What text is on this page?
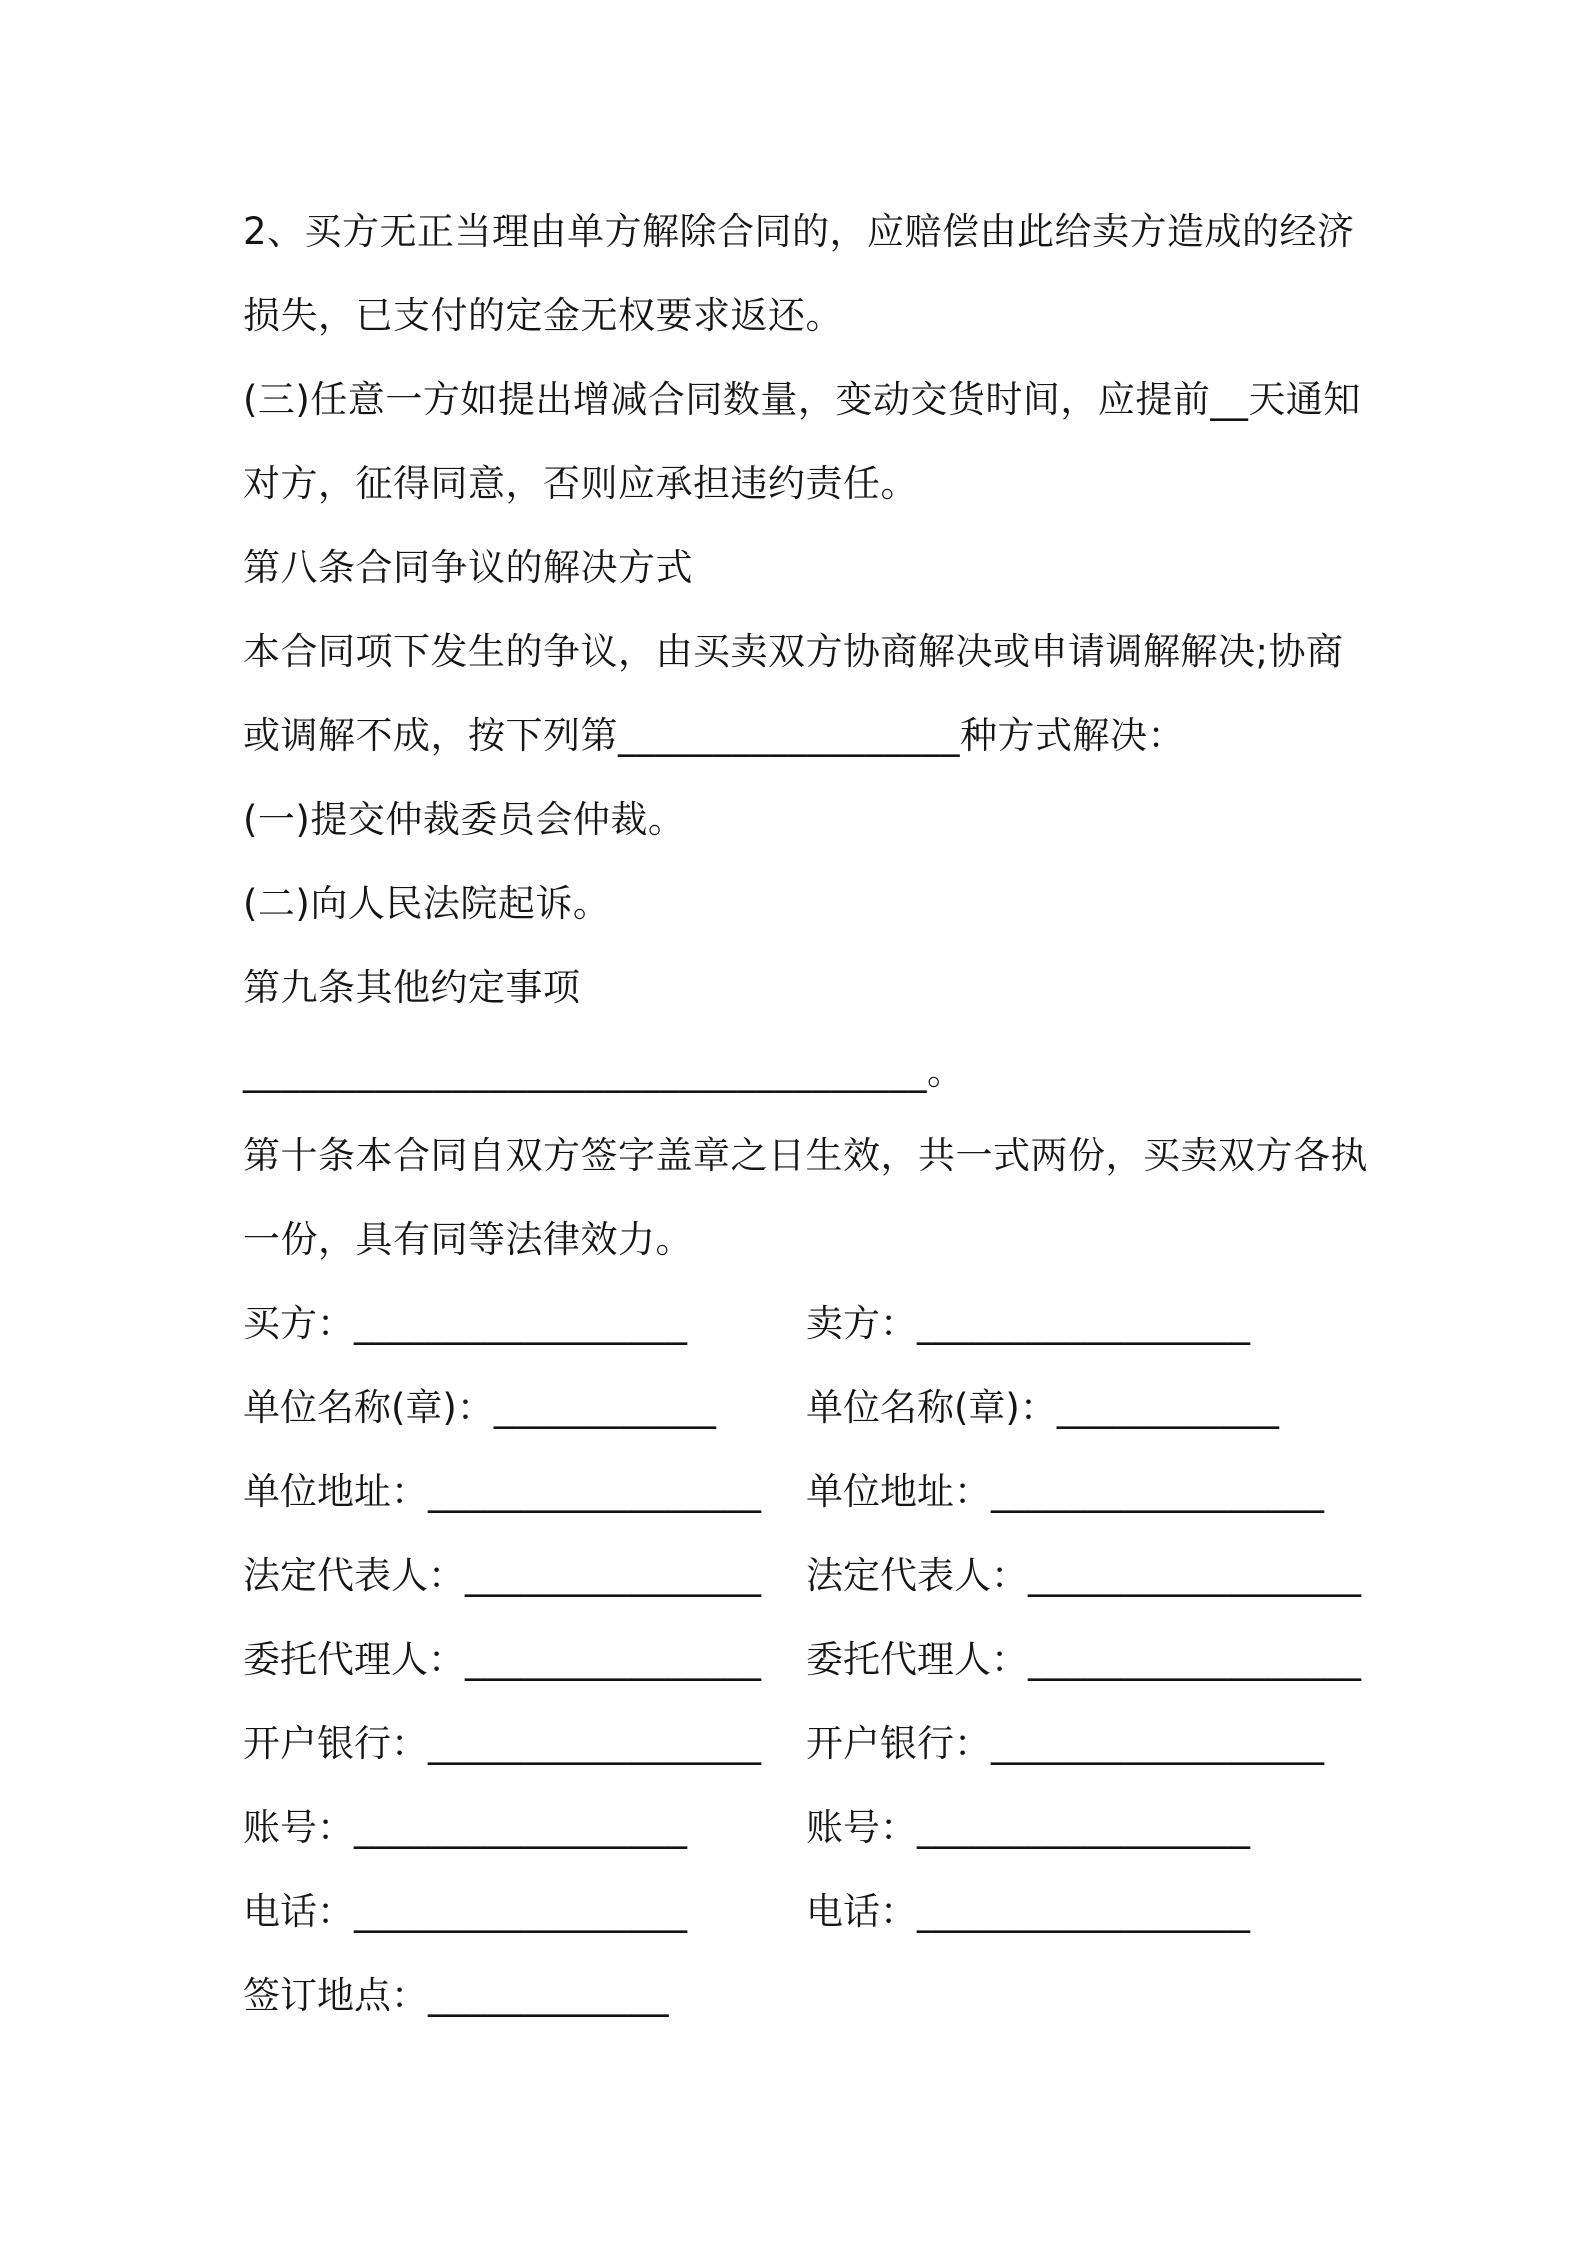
2、买方无正当理由单方解除合同的，应赔偿由此给卖方造成的经济
损失，已支付的定金无权要求返还。
(三)任意一方如提出增减合同数量，变动交货时间，应提前__天通知
对方，征得同意，否则应承担违约责任。
第八条合同争议的解决方式
本合同项下发生的争议，由买卖双方协商解决或申请调解解决;协商
或调解不成，按下列第__________________种方式解决：
(一)提交仲裁委员会仲裁。
(二)向人民法院起诉。
第九条其他约定事项
____________________________________。
第十条本合同自双方签字盖章之日生效，共一式两份，买卖双方各执
一份，具有同等法律效力。
买方：__________________	卖方：__________________
单位名称(章)：____________ 单位名称(章)：____________
单位地址：__________________ 单位地址：__________________
法定代表人：________________ 法定代表人：__________________
委托代理人：________________ 委托代理人：__________________
开户银行：__________________ 开户银行：__________________
账号：__________________	账号：__________________
电话：__________________	电话：__________________
签订地点：_____________
